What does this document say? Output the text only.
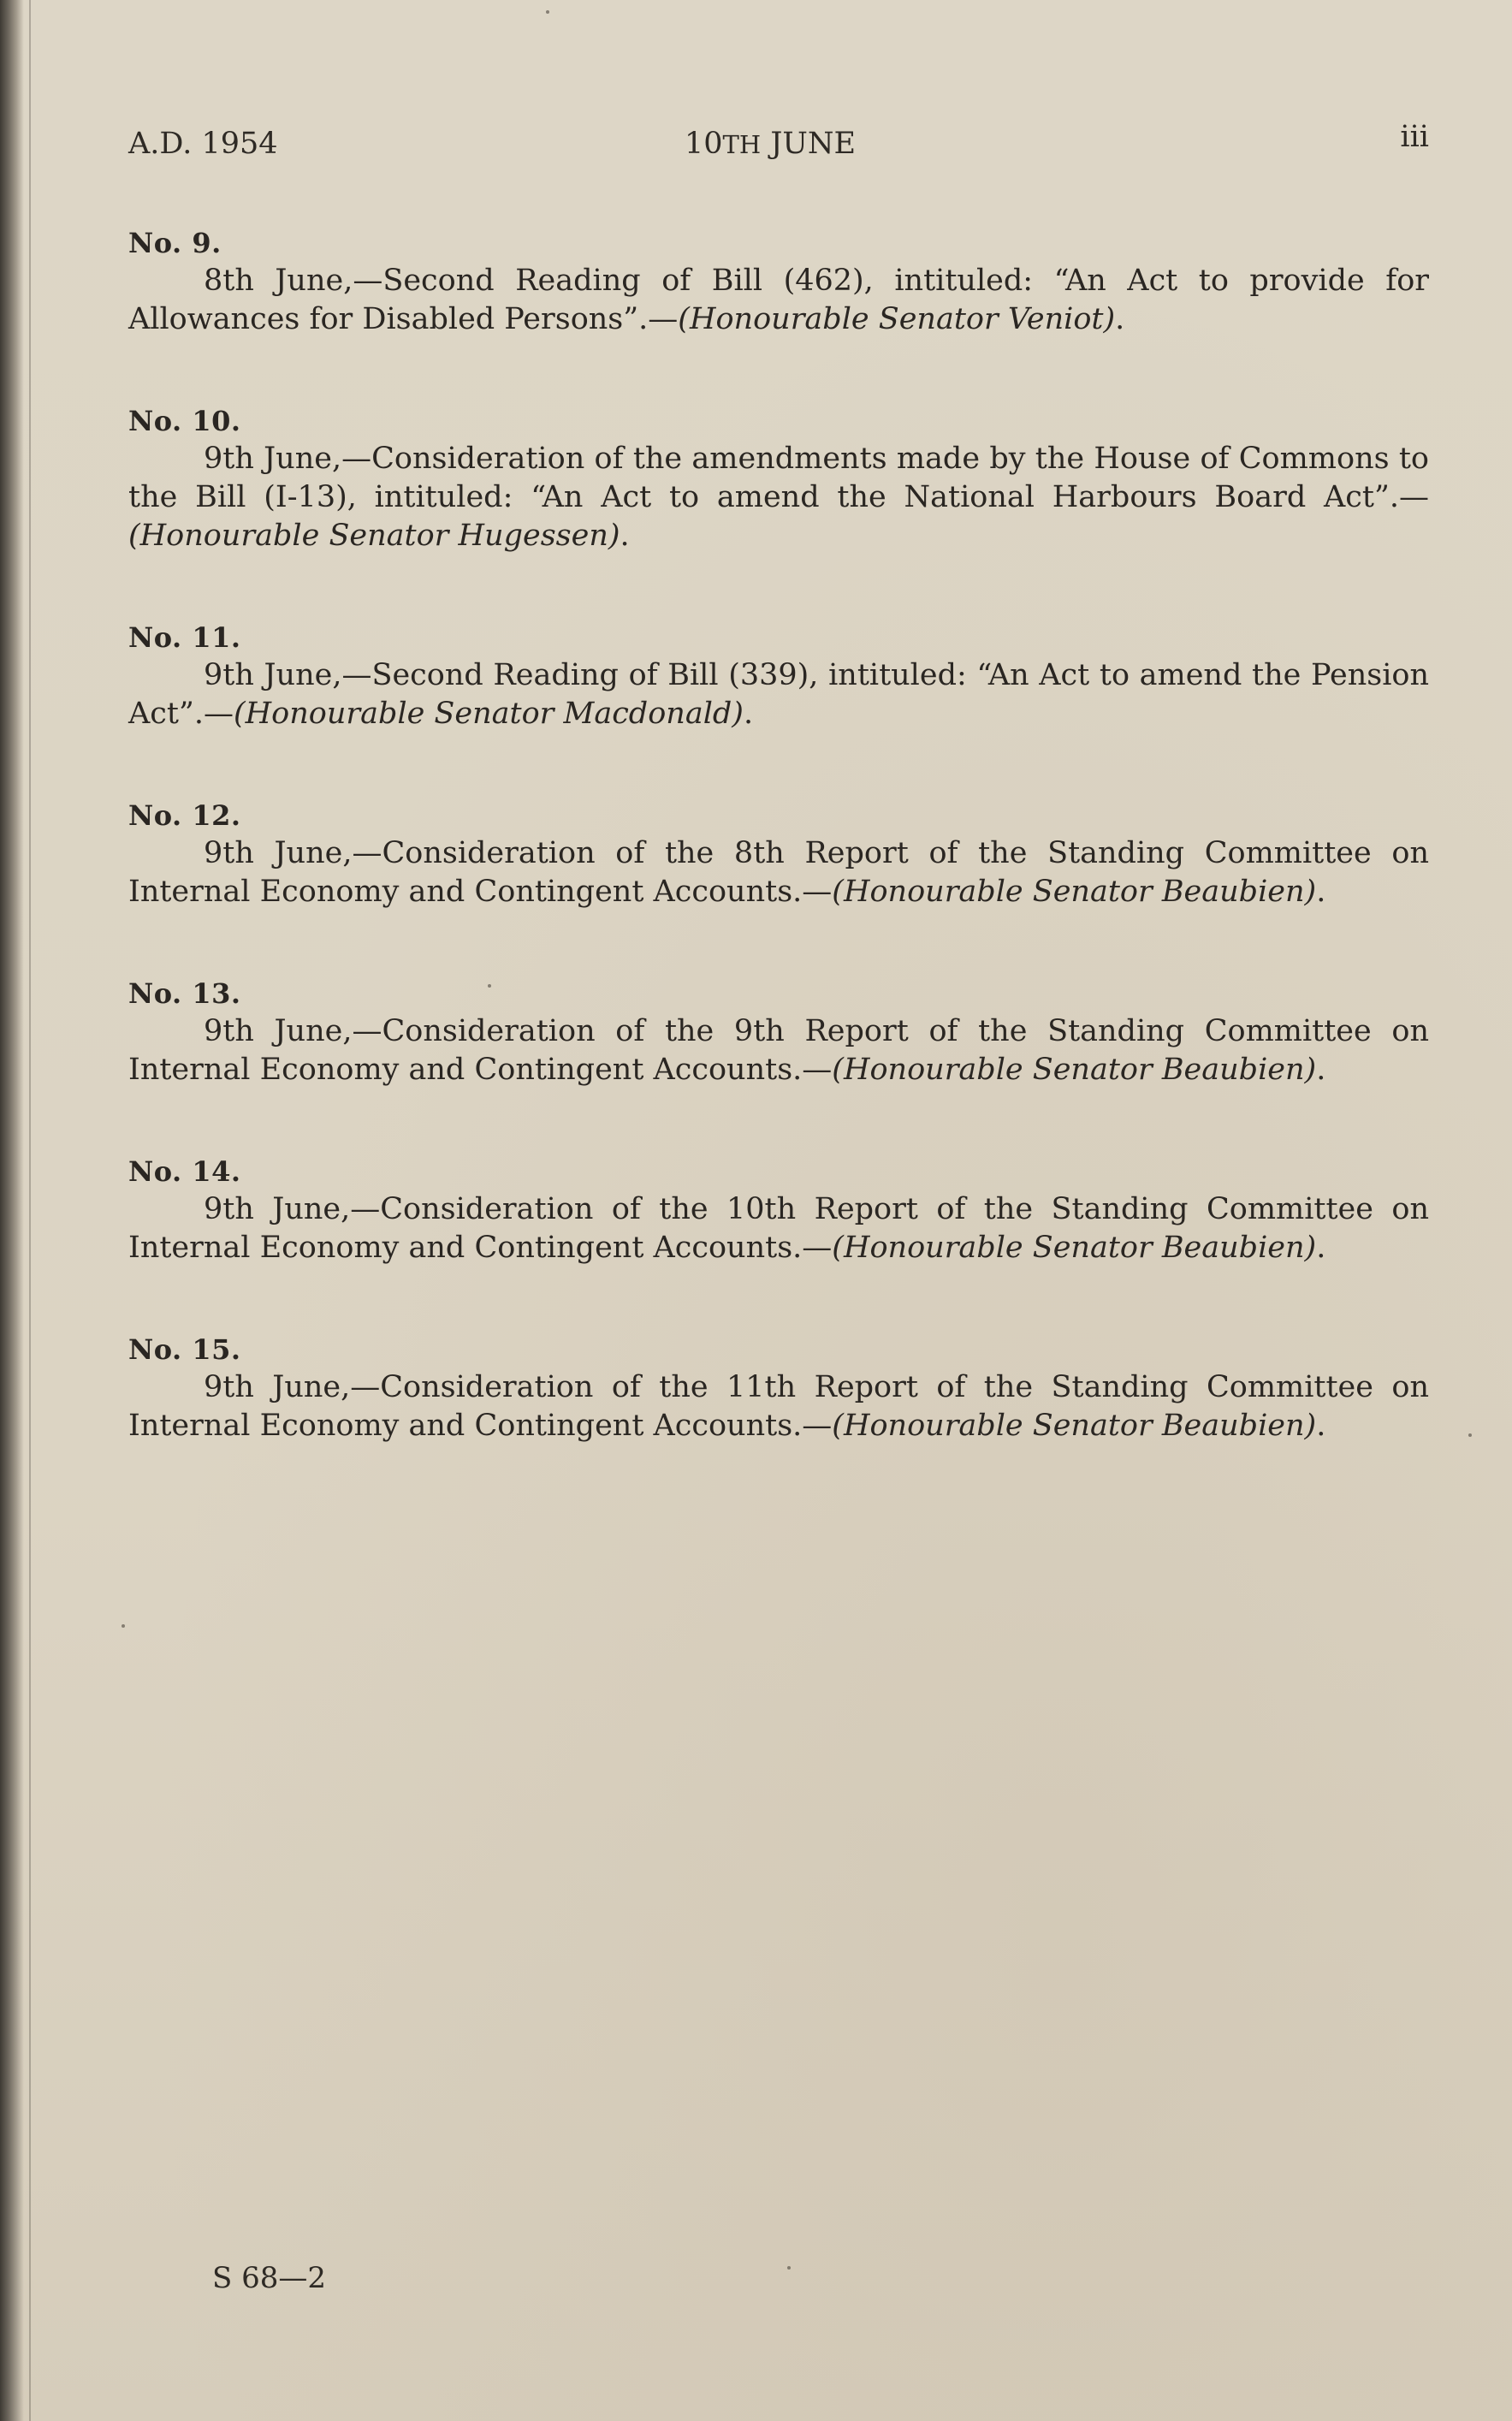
A.D. 1954	10TH JUNE	iii
No. 9.

8th June,—Second Reading of Bill (462), intituled: “An Act to provide for Allowances for Disabled Persons”.—(Honourable Senator Veniot).

No. 10.

9th June,—Consideration of the amendments made by the House of Commons to the Bill (I-13), intituled: “An Act to amend the National Harbours Board Act”.—(Honourable Senator Hugessen).

No. 11.

9th June,—Second Reading of Bill (339), intituled: “An Act to amend the Pension Act”.—(Honourable Senator Macdonald).

No. 12.

9th June,—Consideration of the 8th Report of the Standing Committee on Internal Economy and Contingent Accounts.—(Honourable Senator Beaubien).

No. 13.

9th June,—Consideration of the 9th Report of the Standing Committee on Internal Economy and Contingent Accounts.—(Honourable Senator Beaubien).

No. 14.

9th June,—Consideration of the 10th Report of the Standing Committee on Internal Economy and Contingent Accounts.—(Honourable Senator Beaubien).

No. 15.

9th June,—Consideration of the 11th Report of the Standing Committee on Internal Economy and Contingent Accounts.—(Honourable Senator Beaubien).

S 68—2
